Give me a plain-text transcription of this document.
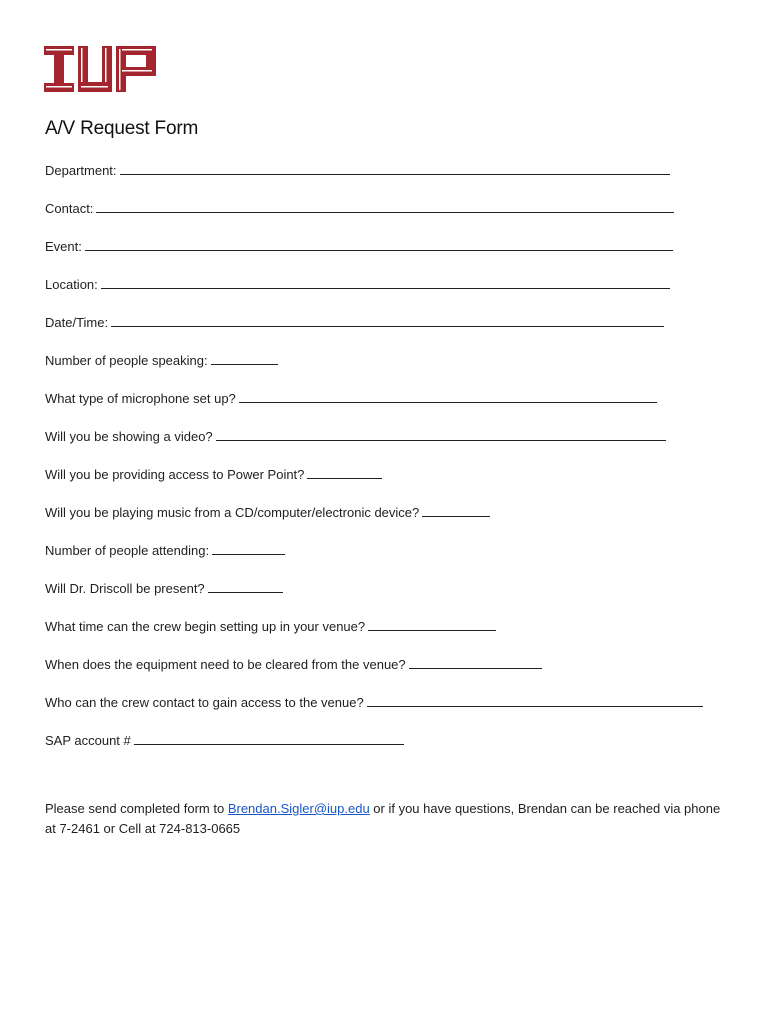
A/V Request Form
Department:
Contact:
Event:
Location:
Date/Time:
Number of people speaking:
What type of microphone set up?
Will you be showing a video?
Will you be providing access to Power Point?
Will you be playing music from a CD/computer/electronic device?
Number of people attending:
Will Dr. Driscoll be present?
What time can the crew begin setting up in your venue?
When does the equipment need to be cleared from the venue?
Who can the crew contact to gain access to the venue?
SAP account #

Please send completed form to Brendan.Sigler@iup.edu or if you have questions, Brendan can be reached via phone at 7-2461 or Cell at 724-813-0665
